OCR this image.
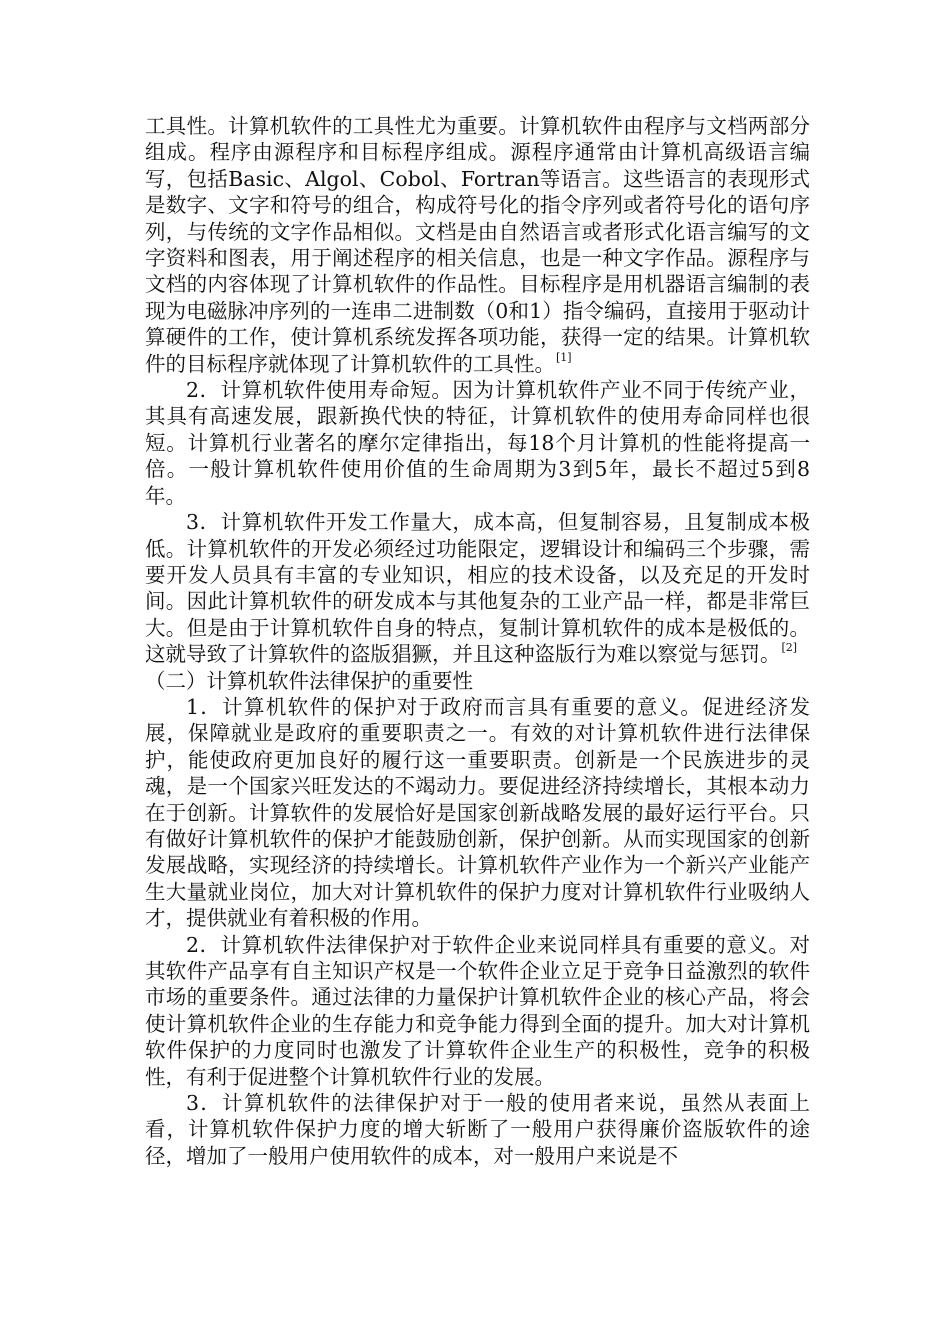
工具性。计算机软件的工具性尤为重要。计算机软件由程序与文档两部分组成。程序由源程序和目标程序组成。源程序通常由计算机高级语言编写，包括Basic、Algol、Cobol、Fortran等语言。这些语言的表现形式是数字、文字和符号的组合，构成符号化的指令序列或者符号化的语句序列，与传统的文字作品相似。文档是由自然语言或者形式化语言编写的文字资料和图表，用于阐述程序的相关信息，也是一种文字作品。源程序与文档的内容体现了计算机软件的作品性。目标程序是用机器语言编制的表现为电磁脉冲序列的一连串二进制数（0和1）指令编码，直接用于驱动计算硬件的工作，使计算机系统发挥各项功能，获得一定的结果。计算机软件的目标程序就体现了计算机软件的工具性。[1]

2．计算机软件使用寿命短。因为计算机软件产业不同于传统产业，其具有高速发展，跟新换代快的特征，计算机软件的使用寿命同样也很短。计算机行业著名的摩尔定律指出，每18个月计算机的性能将提高一倍。一般计算机软件使用价值的生命周期为3到5年，最长不超过5到8年。

3．计算机软件开发工作量大，成本高，但复制容易，且复制成本极低。计算机软件的开发必须经过功能限定，逻辑设计和编码三个步骤，需要开发人员具有丰富的专业知识，相应的技术设备，以及充足的开发时间。因此计算机软件的研发成本与其他复杂的工业产品一样，都是非常巨大。但是由于计算机软件自身的特点，复制计算机软件的成本是极低的。这就导致了计算软件的盗版猖獗，并且这种盗版行为难以察觉与惩罚。[2]

（二）计算机软件法律保护的重要性

1．计算机软件的保护对于政府而言具有重要的意义。促进经济发展，保障就业是政府的重要职责之一。有效的对计算机软件进行法律保护，能使政府更加良好的履行这一重要职责。创新是一个民族进步的灵魂，是一个国家兴旺发达的不竭动力。要促进经济持续增长，其根本动力在于创新。计算软件的发展恰好是国家创新战略发展的最好运行平台。只有做好计算机软件的保护才能鼓励创新，保护创新。从而实现国家的创新发展战略，实现经济的持续增长。计算机软件产业作为一个新兴产业能产生大量就业岗位，加大对计算机软件的保护力度对计算机软件行业吸纳人才，提供就业有着积极的作用。

2．计算机软件法律保护对于软件企业来说同样具有重要的意义。对其软件产品享有自主知识产权是一个软件企业立足于竞争日益激烈的软件市场的重要条件。通过法律的力量保护计算机软件企业的核心产品，将会使计算机软件企业的生存能力和竞争能力得到全面的提升。加大对计算机软件保护的力度同时也激发了计算软件企业生产的积极性，竞争的积极性，有利于促进整个计算机软件行业的发展。

3．计算机软件的法律保护对于一般的使用者来说，虽然从表面上看，计算机软件保护力度的增大斩断了一般用户获得廉价盗版软件的途径，增加了一般用户使用软件的成本，对一般用户来说是不
